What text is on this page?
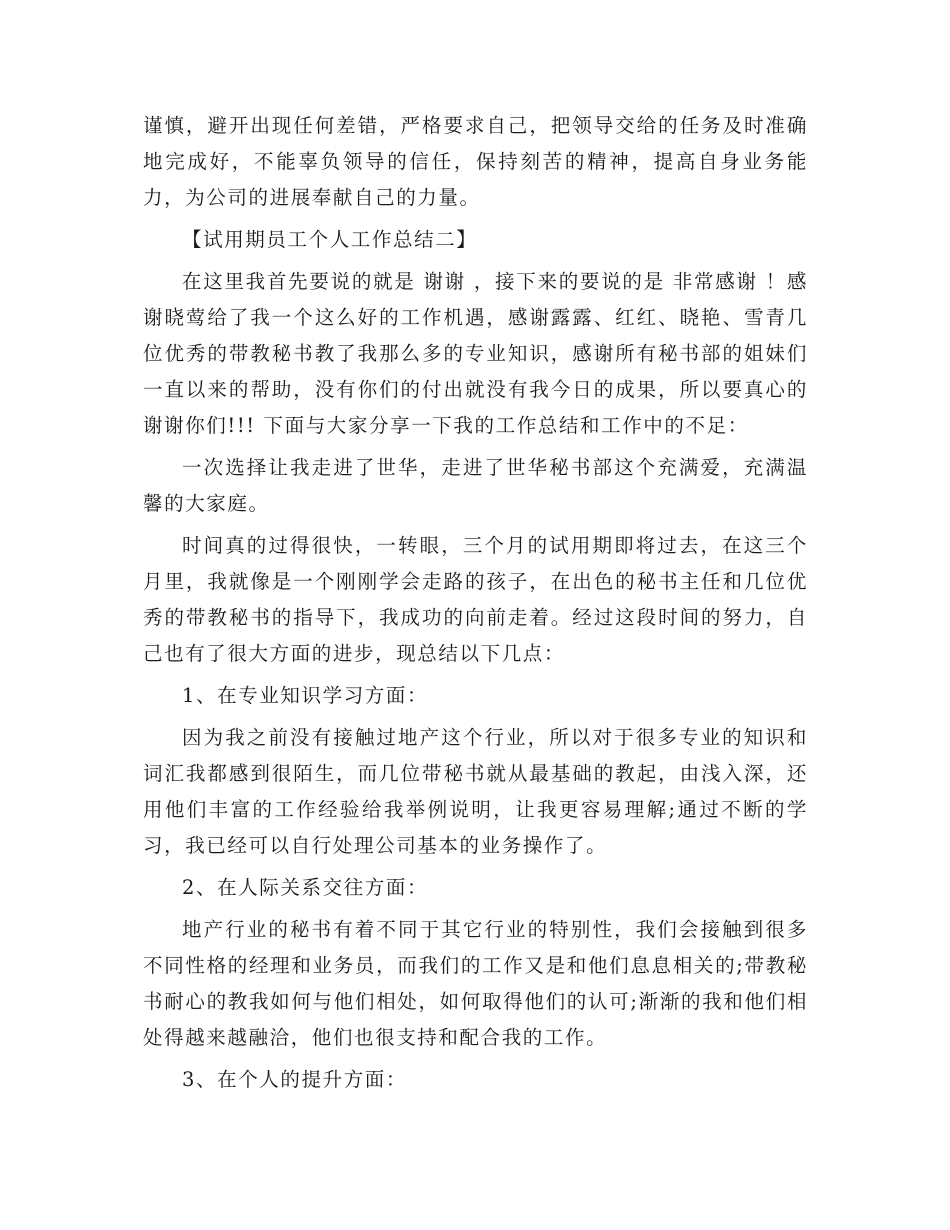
谨慎，避开出现任何差错，严格要求自己，把领导交给的任务及时准确地完成好，不能辜负领导的信任，保持刻苦的精神，提高自身业务能力，为公司的进展奉献自己的力量。

【试用期员工个人工作总结二】

在这里我首先要说的就是 谢谢 ，接下来的要说的是 非常感谢 ！感谢晓莺给了我一个这么好的工作机遇，感谢露露、红红、晓艳、雪青几位优秀的带教秘书教了我那么多的专业知识，感谢所有秘书部的姐妹们一直以来的帮助，没有你们的付出就没有我今日的成果，所以要真心的谢谢你们!!! 下面与大家分享一下我的工作总结和工作中的不足：

一次选择让我走进了世华，走进了世华秘书部这个充满爱，充满温馨的大家庭。

时间真的过得很快，一转眼，三个月的试用期即将过去，在这三个月里，我就像是一个刚刚学会走路的孩子，在出色的秘书主任和几位优秀的带教秘书的指导下，我成功的向前走着。经过这段时间的努力，自己也有了很大方面的进步，现总结以下几点：

1、在专业知识学习方面：

因为我之前没有接触过地产这个行业，所以对于很多专业的知识和词汇我都感到很陌生，而几位带秘书就从最基础的教起，由浅入深，还用他们丰富的工作经验给我举例说明，让我更容易理解;通过不断的学习，我已经可以自行处理公司基本的业务操作了。

2、在人际关系交往方面：

地产行业的秘书有着不同于其它行业的特别性，我们会接触到很多不同性格的经理和业务员，而我们的工作又是和他们息息相关的;带教秘书耐心的教我如何与他们相处，如何取得他们的认可;渐渐的我和他们相处得越来越融洽，他们也很支持和配合我的工作。

3、在个人的提升方面：
